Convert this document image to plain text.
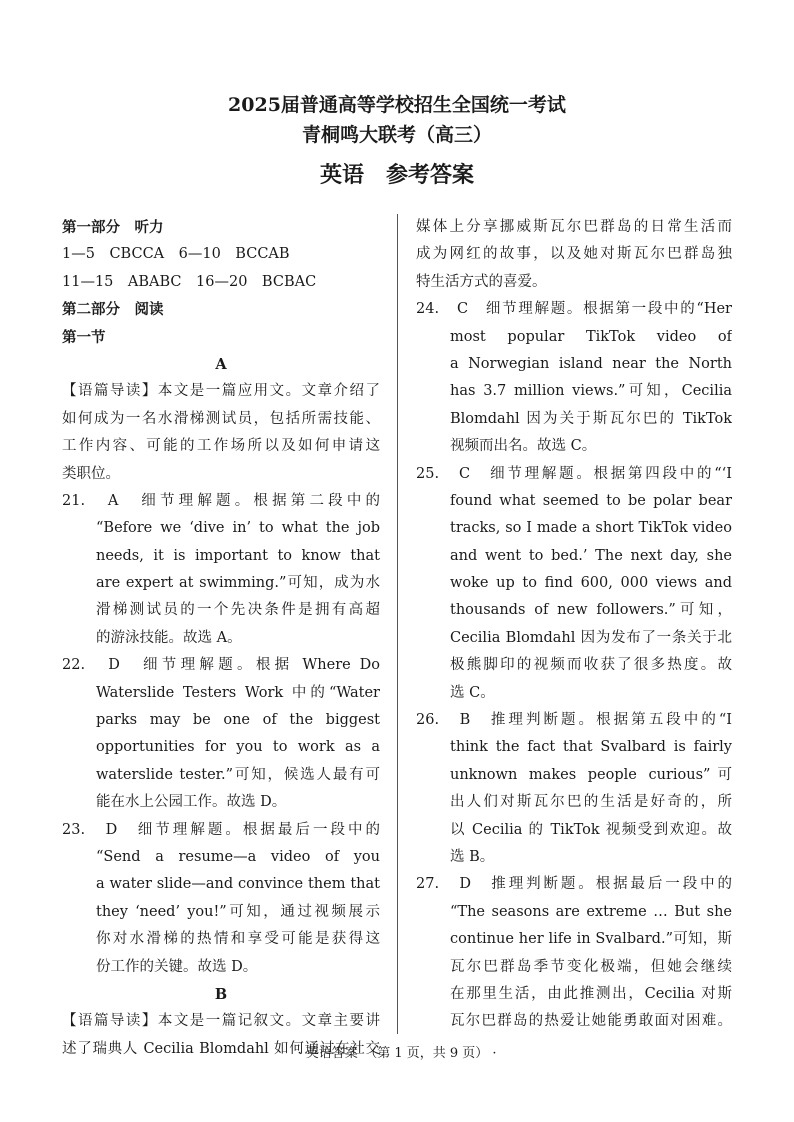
2025届普通高等学校招生全国统一考试
青桐鸣大联考（高三）
英语　参考答案
第一部分　听力
1—5　CBCCA　6—10　BCCAB
11—15　ABABC　16—20　BCBAC
第二部分　阅读
第一节
A
【语篇导读】本文是一篇应用文。文章介绍了
如何成为一名水滑梯测试员，包括所需技能、
工作内容、可能的工作场所以及如何申请这
类职位。
21.　A　细节理解题。根据第二段中的
“Before we ‘dive in’ to what the job
needs, it is important to know that
are expert at swimming.”可知，成为水
滑梯测试员的一个先决条件是拥有高超
的游泳技能。故选 A。
22.　D　细节理解题。根据 Where Do
Waterslide Testers Work 中的“Water
parks may be one of the biggest
opportunities for you to work as a
waterslide tester.”可知，候选人最有可
能在水上公园工作。故选 D。
23.　D　细节理解题。根据最后一段中的
“Send a resume—a video of you
a water slide—and convince them that
they ‘need’ you!”可知，通过视频展示
你对水滑梯的热情和享受可能是获得这
份工作的关键。故选 D。
B
【语篇导读】本文是一篇记叙文。文章主要讲
述了瑞典人 Cecilia Blomdahl 如何通过在社交
媒体上分享挪威斯瓦尔巴群岛的日常生活而
成为网红的故事，以及她对斯瓦尔巴群岛独
特生活方式的喜爱。
24.　C　细节理解题。根据第一段中的“Her
most popular TikTok video of
a Norwegian island near the North
has 3.7 million views.”可知，Cecilia
Blomdahl 因为关于斯瓦尔巴的 TikTok
视频而出名。故选 C。
25.　C　细节理解题。根据第四段中的“‘I
found what seemed to be polar bear
tracks, so I made a short TikTok video
and went to bed.’ The next day, she
woke up to find 600, 000 views and
thousands of new followers.”可知，
Cecilia Blomdahl 因为发布了一条关于北
极熊脚印的视频而收获了很多热度。故
选 C。
26.　B　推理判断题。根据第五段中的“I
think the fact that Svalbard is fairly
unknown makes people curious”可
出人们对斯瓦尔巴的生活是好奇的，所
以 Cecilia 的 TikTok 视频受到欢迎。故
选 B。
27.　D　推理判断题。根据最后一段中的
“The seasons are extreme … But she
continue her life in Svalbard.”可知，斯
瓦尔巴群岛季节变化极端，但她会继续
在那里生活，由此推测出，Cecilia 对斯
瓦尔巴群岛的热爱让她能勇敢面对困难。
· 英语答案　（第 1 页，共 9 页） ·
